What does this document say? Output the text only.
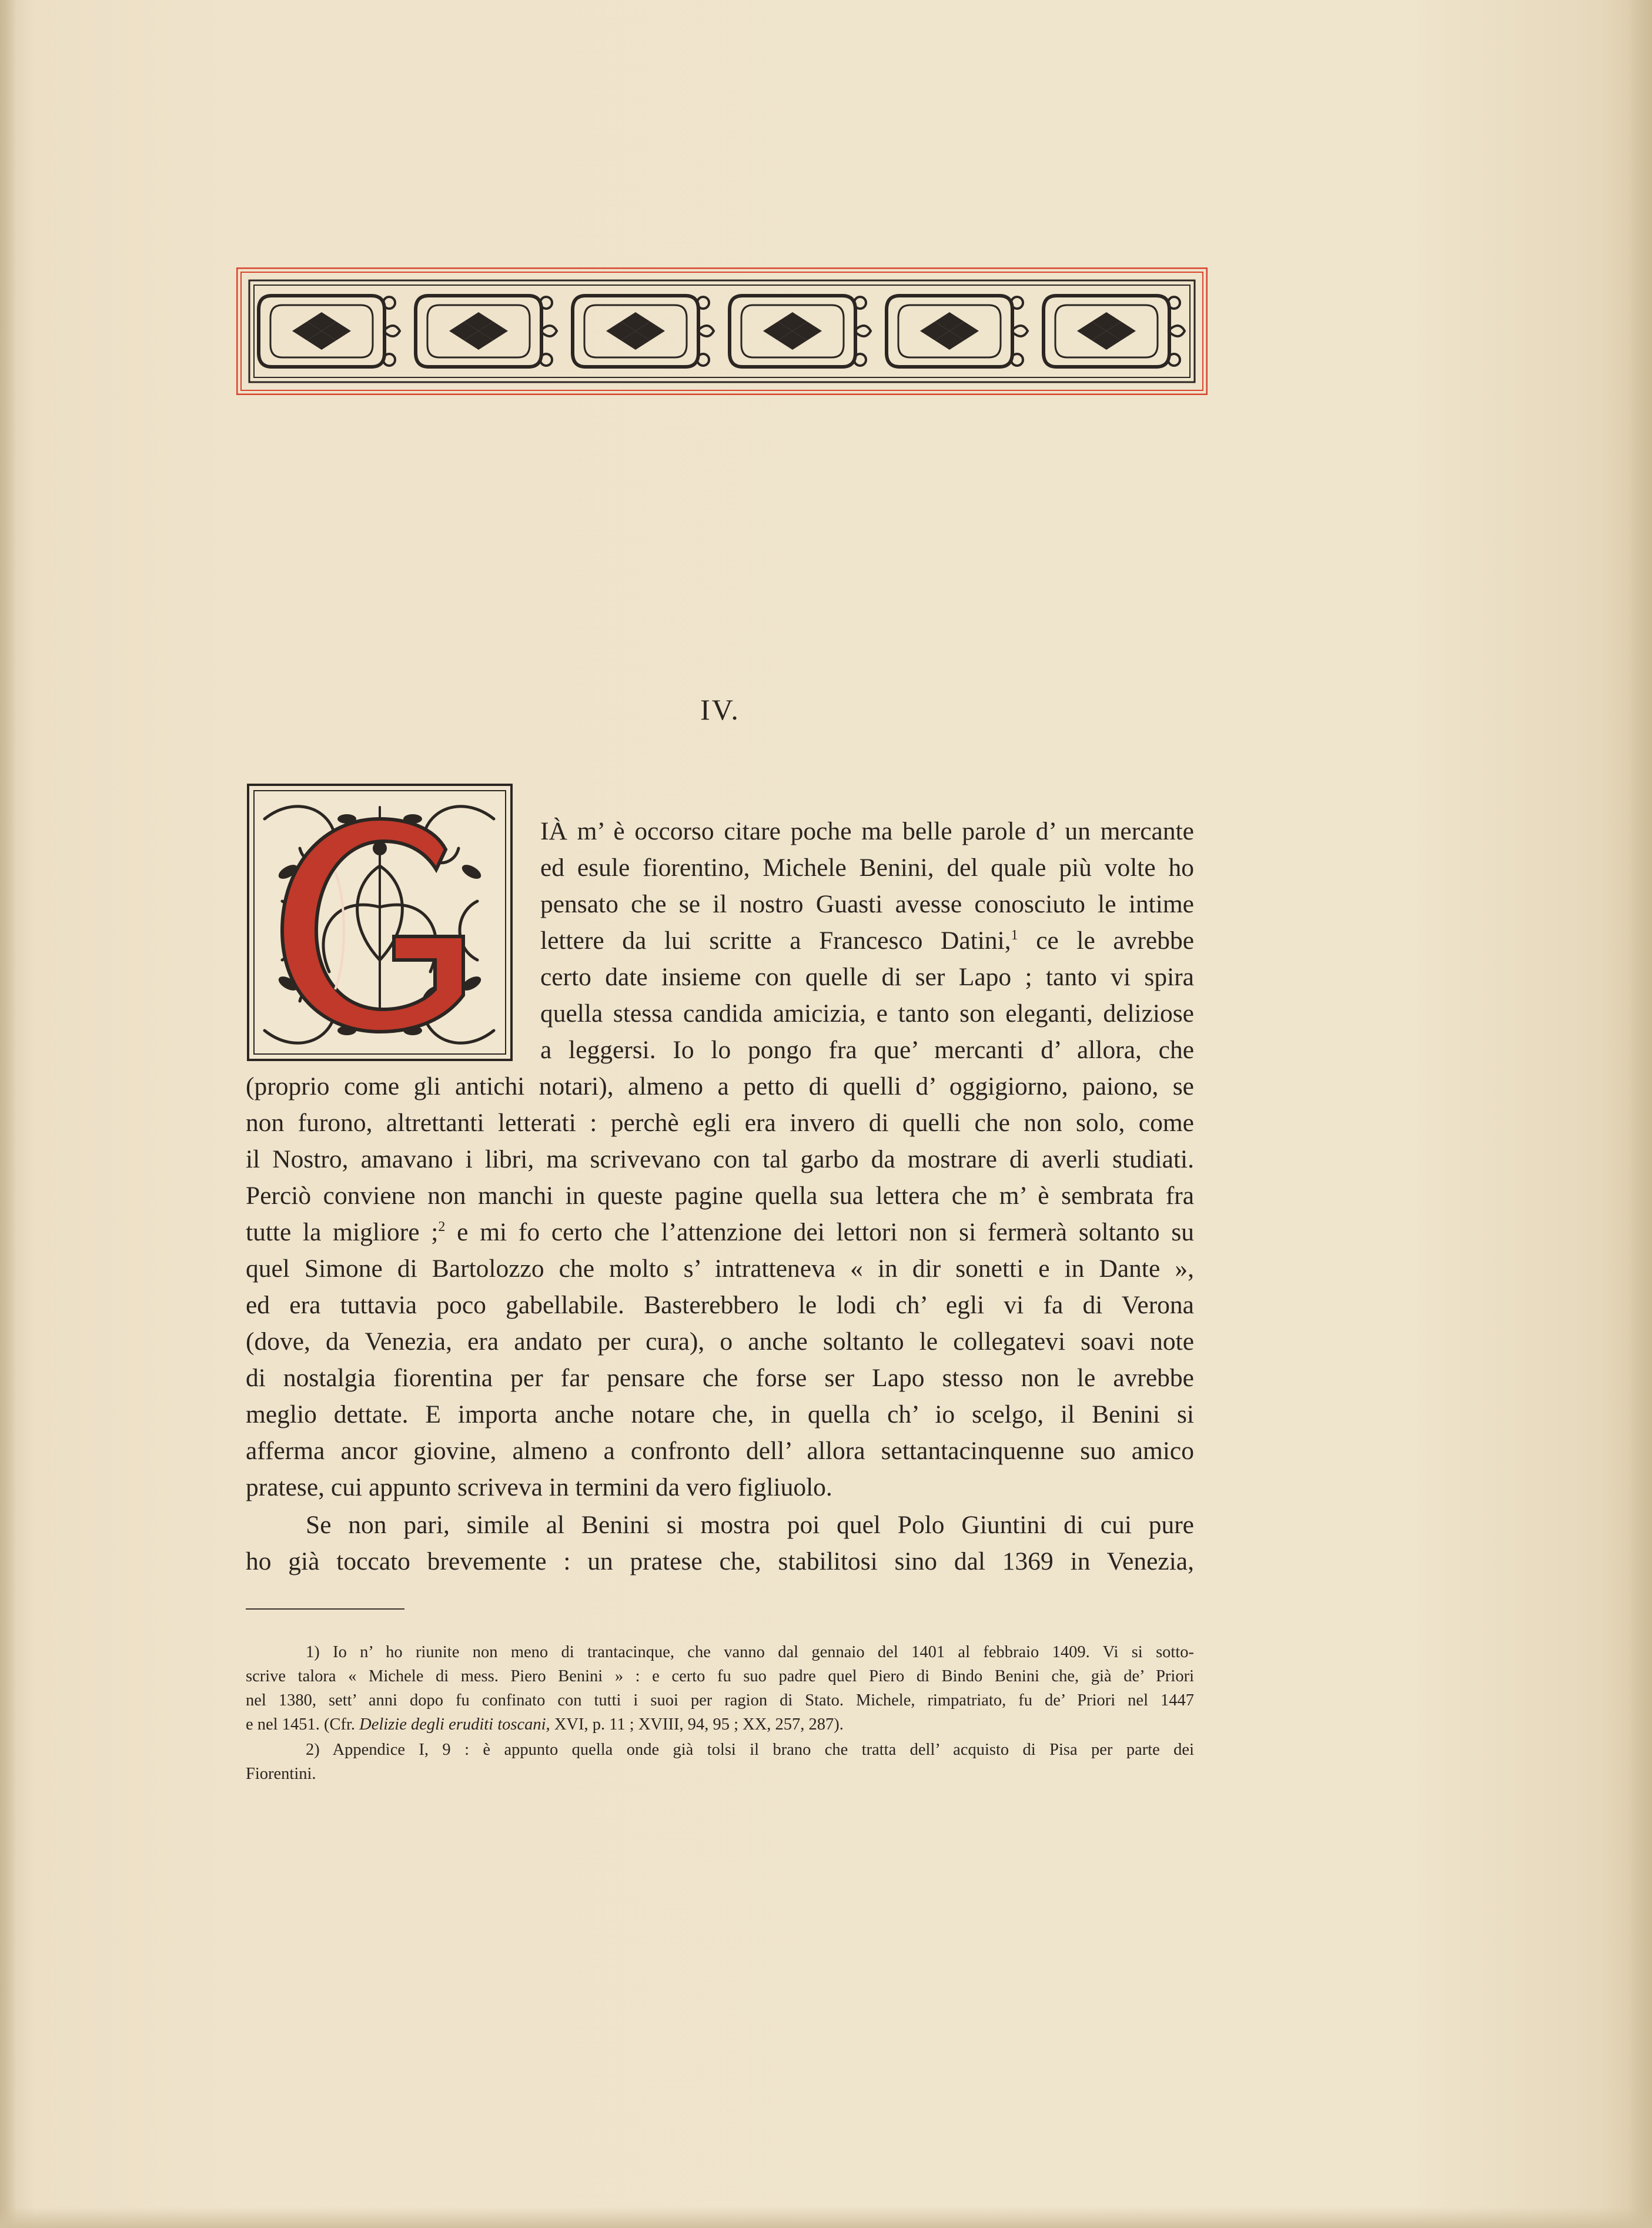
IV.
IÀ m’ è occorso citare poche ma belle parole d’ un mercante
ed esule fiorentino, Michele Benini, del quale più volte ho
pensato che se il nostro Guasti avesse conosciuto le intime
lettere da lui scritte a Francesco Datini,$^1$ ce le avrebbe
certo date insieme con quelle di ser Lapo ; tanto vi spira
quella stessa candida amicizia, e tanto son eleganti, deliziose
a leggersi. Io lo pongo fra que’ mercanti d’ allora, che
(proprio come gli antichi notari), almeno a petto di quelli d’ oggigiorno, paiono, se
non furono, altrettanti letterati : perchè egli era invero di quelli che non solo, come
il Nostro, amavano i libri, ma scrivevano con tal garbo da mostrare di averli studiati.
Perciò conviene non manchi in queste pagine quella sua lettera che m’ è sembrata fra
tutte la migliore ;$^2$ e mi fo certo che l’attenzione dei lettori non si fermerà soltanto su
quel Simone di Bartolozzo che molto s’ intratteneva « in dir sonetti e in Dante »,
ed era tuttavia poco gabellabile. Basterebbero le lodi ch’ egli vi fa di Verona
(dove, da Venezia, era andato per cura), o anche soltanto le collegatevi soavi note
di nostalgia fiorentina per far pensare che forse ser Lapo stesso non le avrebbe
meglio dettate. E importa anche notare che, in quella ch’ io scelgo, il Benini si
afferma ancor giovine, almeno a confronto dell’ allora settantacinquenne suo amico
pratese, cui appunto scriveva in termini da vero figliuolo.
Se non pari, simile al Benini si mostra poi quel Polo Giuntini di cui pure
ho già toccato brevemente : un pratese che, stabilitosi sino dal 1369 in Venezia,
1) Io n’ ho riunite non meno di trantacinque, che vanno dal gennaio del 1401 al febbraio 1409. Vi si sotto-
scrive talora « Michele di mess. Piero Benini » : e certo fu suo padre quel Piero di Bindo Benini che, già de’ Priori
nel 1380, sett’ anni dopo fu confinato con tutti i suoi per ragion di Stato. Michele, rimpatriato, fu de’ Priori nel 1447
e nel 1451. (Cfr. Delizie degli eruditi toscani, XVI, p. 11 ; XVIII, 94, 95 ; XX, 257, 287).
2) Appendice I, 9 : è appunto quella onde già tolsi il brano che tratta dell’ acquisto di Pisa per parte dei
Fiorentini.
